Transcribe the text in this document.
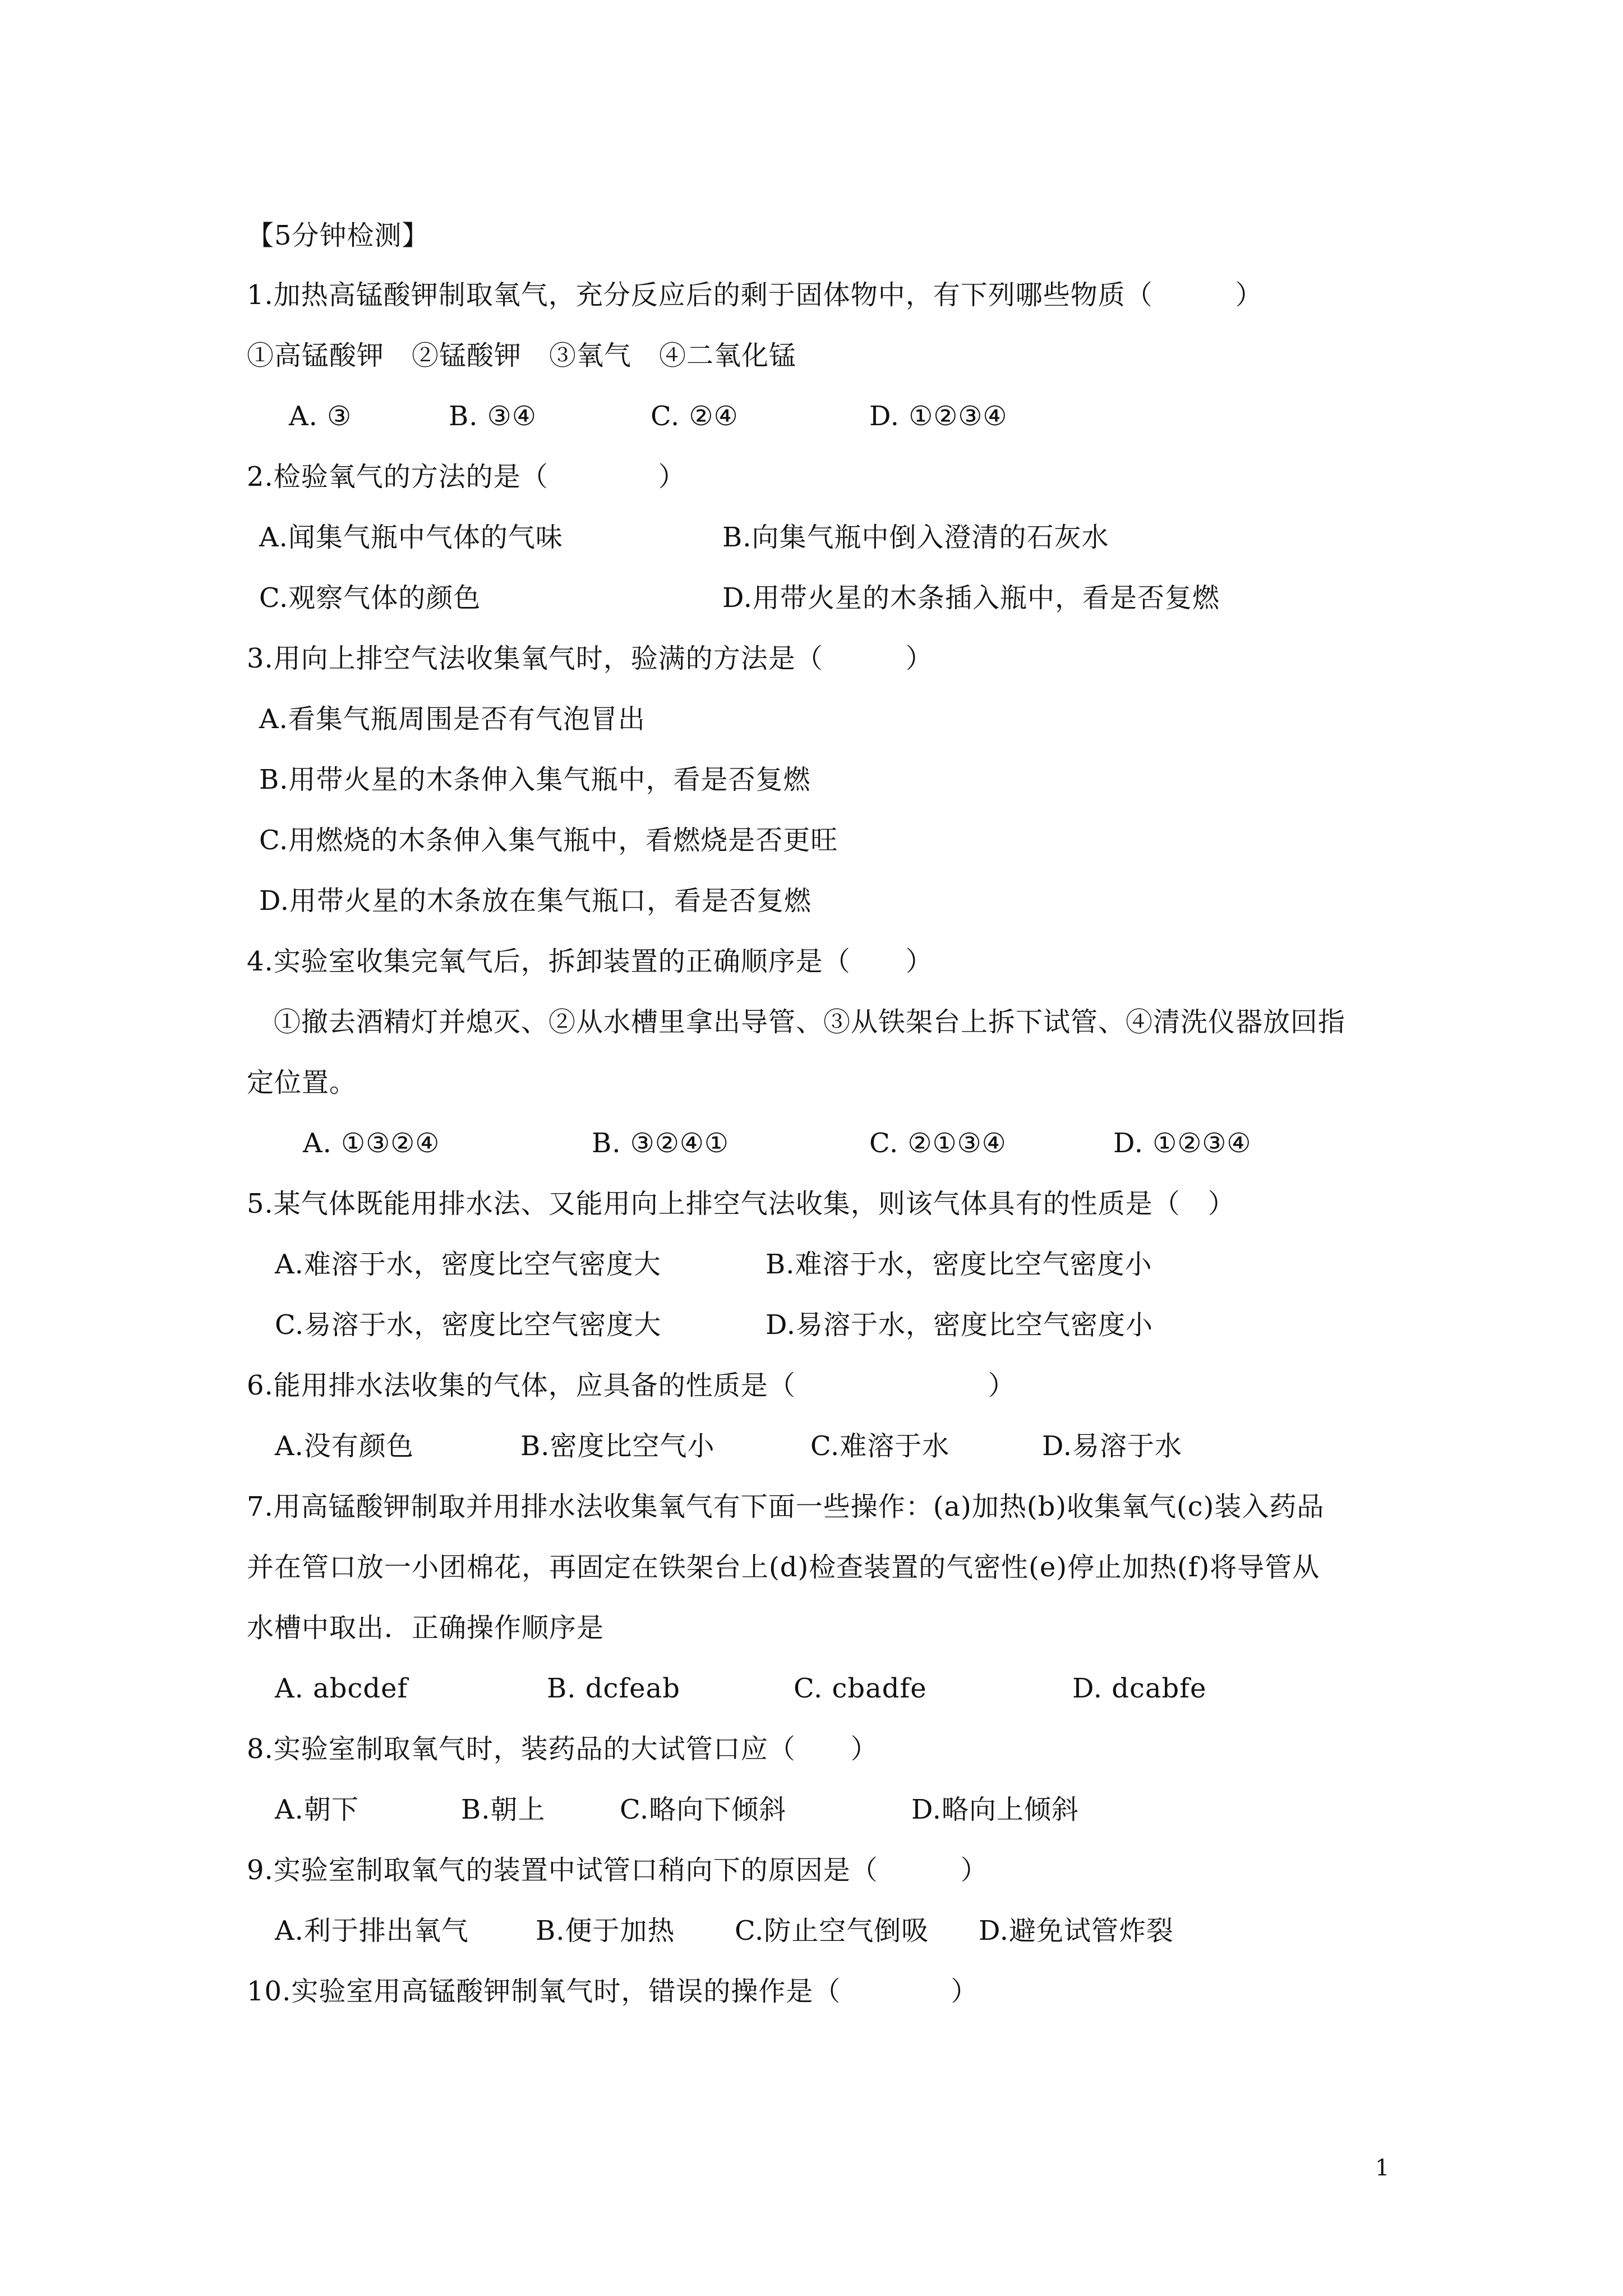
【5分钟检测】
1.加热高锰酸钾制取氧气，充分反应后的剩于固体物中，有下列哪些物质（　　　）
①高锰酸钾　②锰酸钾　③氧气　④二氧化锰
A. ③	B. ③④	C. ②④	D. ①②③④
2.检验氧气的方法的是（　　　　）
A.闻集气瓶中气体的气味	B.向集气瓶中倒入澄清的石灰水
C.观察气体的颜色	D.用带火星的木条插入瓶中，看是否复燃
3.用向上排空气法收集氧气时，验满的方法是（　　　）
A.看集气瓶周围是否有气泡冒出
B.用带火星的木条伸入集气瓶中，看是否复燃
C.用燃烧的木条伸入集气瓶中，看燃烧是否更旺
D.用带火星的木条放在集气瓶口，看是否复燃
4.实验室收集完氧气后，拆卸装置的正确顺序是（　　）
①撤去酒精灯并熄灭、②从水槽里拿出导管、③从铁架台上拆下试管、④清洗仪器放回指
定位置。
A. ①③②④	B. ③②④①	C. ②①③④	D. ①②③④
5.某气体既能用排水法、又能用向上排空气法收集，则该气体具有的性质是（　）
A.难溶于水，密度比空气密度大	B.难溶于水，密度比空气密度小
C.易溶于水，密度比空气密度大	D.易溶于水，密度比空气密度小
6.能用排水法收集的气体，应具备的性质是（　　　　　　　）
A.没有颜色	B.密度比空气小	C.难溶于水	D.易溶于水
7.用高锰酸钾制取并用排水法收集氧气有下面一些操作：(a)加热(b)收集氧气(c)装入药品
并在管口放一小团棉花，再固定在铁架台上(d)检查装置的气密性(e)停止加热(f)将导管从
水槽中取出．正确操作顺序是
A. abcdef	B. dcfeab	C. cbadfe	D. dcabfe
8.实验室制取氧气时，装药品的大试管口应（　　）
A.朝下	B.朝上	C.略向下倾斜	D.略向上倾斜
9.实验室制取氧气的装置中试管口稍向下的原因是（　　　）
A.利于排出氧气 B.便于加热 C.防止空气倒吸 D.避免试管炸裂
10.实验室用高锰酸钾制氧气时，错误的操作是（　　　　）
1
